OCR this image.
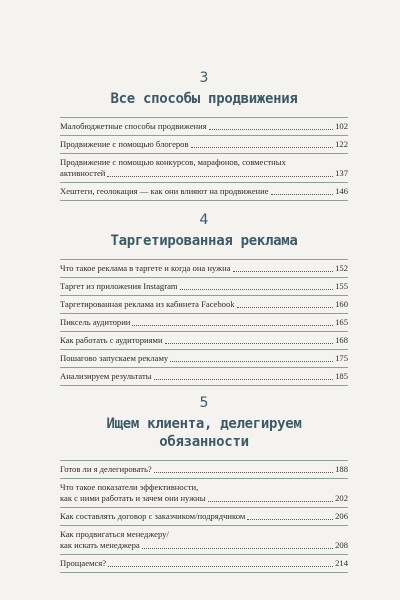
3
Все способы продвижения
Малобюджетные способы продвижения	102
Продвижение с помощью блогеров	122
Продвижение с помощью конкурсов, марафонов, совместных
активностей	137
Хештеги, геолокация — как они влияют на продвижение	146
4
Таргетированная реклама
Что такое реклама в таргете и когда она нужна	152
Таргет из приложения Instagram	155
Таргетированная реклама из кабинета Facebook	160
Пиксель аудитории	165
Как работать с аудиториями	168
Пошагово запускаем рекламу	175
Анализируем результаты	185
5
Ищем клиента, делегируем обязанности
Готов ли я делегировать?	188
Что такое показатели эффективности,
как с ними работать и зачем они нужны	202
Как составлять договор с заказчиком/подрядчиком	206
Как продвигаться менеджеру/
как искать менеджера	208
Прощаемся?	214
